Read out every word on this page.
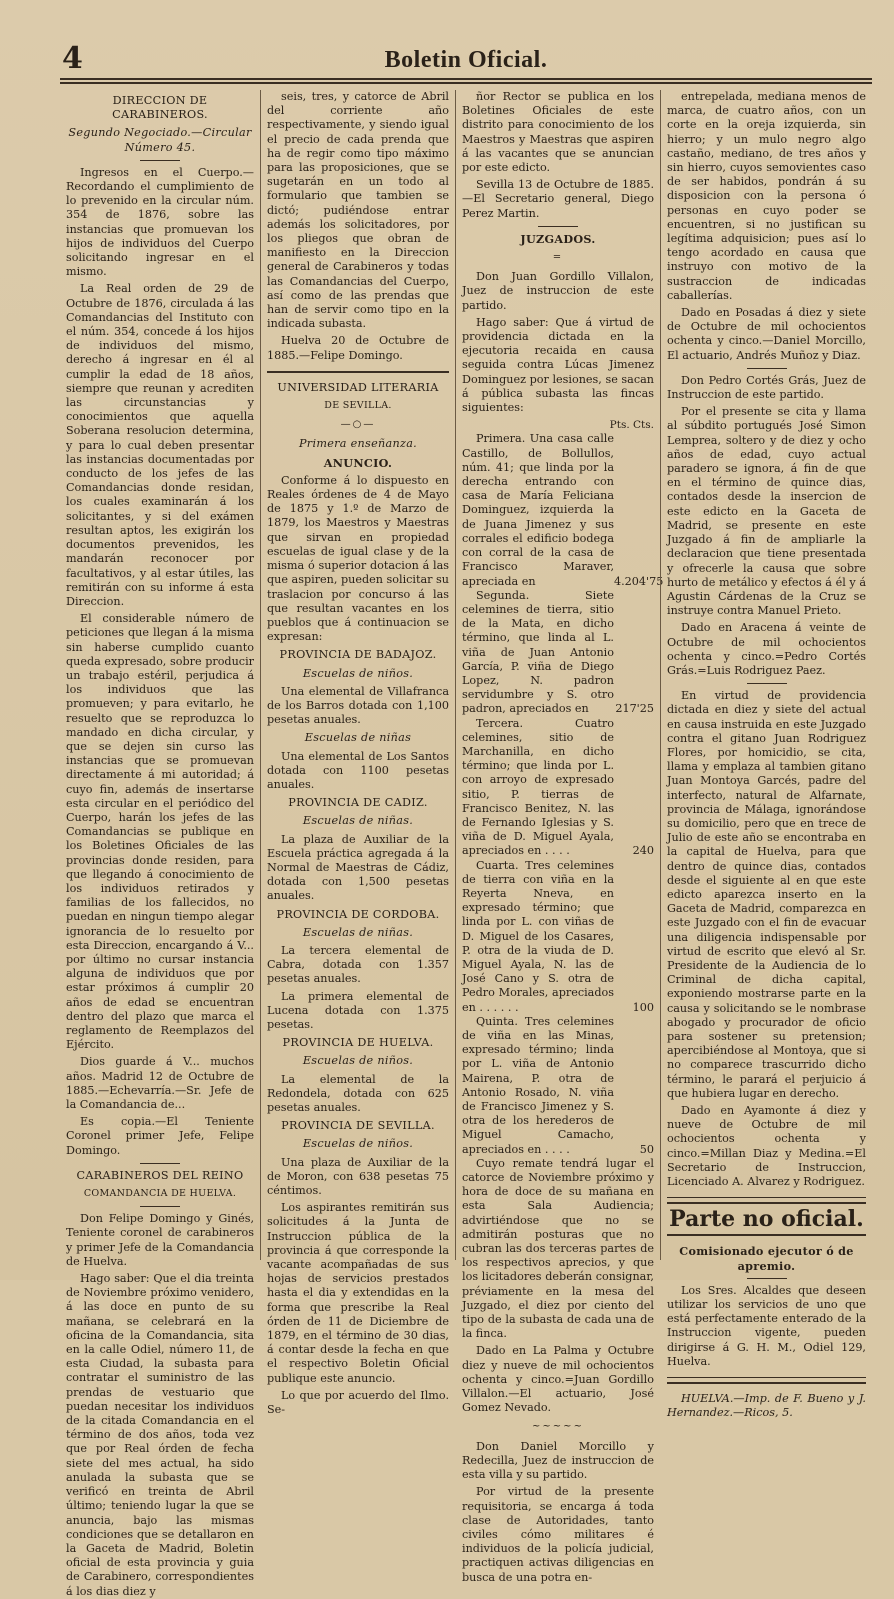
4	Boletin Oficial.
DIRECCION DE CARABINEROS.
Segundo Negociado.—Circular Número 45.

Ingresos en el Cuerpo.—Recordando el cumplimiento de lo prevenido en la circular núm. 354 de 1876, sobre las instancias que promuevan los hijos de individuos del Cuerpo solicitando ingresar en el mismo.

La Real orden de 29 de Octubre de 1876, circulada á las Comandancias del Instituto con el núm. 354, concede á los hijos de individuos del mismo, derecho á ingresar en él al cumplir la edad de 18 años, siempre que reunan y acrediten las circunstancias y conocimientos que aquella Soberana resolucion determina, y para lo cual deben presentar las instancias documentadas por conducto de los jefes de las Comandancias donde residan, los cuales examinarán á los solicitantes, y si del exámen resultan aptos, les exigirán los documentos prevenidos, les mandarán reconocer por facultativos, y al estar útiles, las remitirán con su informe á esta Direccion.

El considerable número de peticiones que llegan á la misma sin haberse cumplido cuanto queda expresado, sobre producir un trabajo estéril, perjudica á los individuos que las promueven; y para evitarlo, he resuelto que se reproduzca lo mandado en dicha circular, y que se dejen sin curso las instancias que se promuevan directamente á mi autoridad; á cuyo fin, además de insertarse esta circular en el periódico del Cuerpo, harán los jefes de las Comandancias se publique en los Boletines Oficiales de las provincias donde residen, para que llegando á conocimiento de los individuos retirados y familias de los fallecidos, no puedan en ningun tiempo alegar ignorancia de lo resuelto por esta Direccion, encargando á V... por último no cursar instancia alguna de individuos que por estar próximos á cumplir 20 años de edad se encuentran dentro del plazo que marca el reglamento de Reemplazos del Ejército.

Dios guarde á V... muchos años. Madrid 12 de Octubre de 1885.—Echevarría.—Sr. Jefe de la Comandancia de...

Es copia.—El Teniente Coronel primer Jefe, Felipe Domingo.

CARABINEROS DEL REINO
COMANDANCIA DE HUELVA.

Don Felipe Domingo y Ginés, Teniente coronel de carabineros y primer Jefe de la Comandancia de Huelva.

Hago saber: Que el dia treinta de Noviembre próximo venidero, á las doce en punto de su mañana, se celebrará en la oficina de la Comandancia, sita en la calle Odiel, número 11, de esta Ciudad, la subasta para contratar el suministro de las prendas de vestuario que puedan necesitar los individuos de la citada Comandancia en el término de dos años, toda vez que por Real órden de fecha siete del mes actual, ha sido anulada la subasta que se verificó en treinta de Abril último; teniendo lugar la que se anuncia, bajo las mismas condiciones que se detallaron en la Gaceta de Madrid, Boletin oficial de esta provincia y guia de Carabinero, correspondientes á los dias diez y

seis, tres, y catorce de Abril del corriente año respectivamente, y siendo igual el precio de cada prenda que ha de regir como tipo máximo para las proposiciones, que se sugetarán en un todo al formulario que tambien se dictó; pudiéndose entrar además los solicitadores, por los pliegos que obran de manifiesto en la Direccion general de Carabineros y todas las Comandancias del Cuerpo, así como de las prendas que han de servir como tipo en la indicada subasta.

Huelva 20 de Octubre de 1885.—Felipe Domingo.

UNIVERSIDAD LITERARIA
DE SEVILLA.
—○—
Primera enseñanza.
ANUNCIO.

Conforme á lo dispuesto en Reales órdenes de 4 de Mayo de 1875 y 1.º de Marzo de 1879, los Maestros y Maestras que sirvan en propiedad escuelas de igual clase y de la misma ó superior dotacion á las que aspiren, pueden solicitar su traslacion por concurso á las que resultan vacantes en los pueblos que á continuacion se expresan:

PROVINCIA DE BADAJOZ.
Escuelas de niños.

Una elemental de Villafranca de los Barros dotada con 1,100 pesetas anuales.

Escuelas de niñas

Una elemental de Los Santos dotada con 1100 pesetas anuales.

PROVINCIA DE CADIZ.
Escuelas de niñas.

La plaza de Auxiliar de la Escuela práctica agregada á la Normal de Maestras de Cádiz, dotada con 1,500 pesetas anuales.

PROVINCIA DE CORDOBA.
Escuelas de niñas.

La tercera elemental de Cabra, dotada con 1.357 pesetas anuales.

La primera elemental de Lucena dotada con 1.375 pesetas.

PROVINCIA DE HUELVA.
Escuelas de niños.

La elemental de la Redondela, dotada con 625 pesetas anuales.

PROVINCIA DE SEVILLA.
Escuelas de niños.

Una plaza de Auxiliar de la de Moron, con 638 pesetas 75 céntimos.

Los aspirantes remitirán sus solicitudes á la Junta de Instruccion pública de la provincia á que corresponde la vacante acompañadas de sus hojas de servicios prestados hasta el dia y extendidas en la forma que prescribe la Real órden de 11 de Diciembre de 1879, en el término de 30 dias, á contar desde la fecha en que el respectivo Boletin Oficial publique este anuncio.

Lo que por acuerdo del Ilmo. Se-

ñor Rector se publica en los Boletines Oficiales de este distrito para conocimiento de los Maestros y Maestras que aspiren á las vacantes que se anuncian por este edicto.

Sevilla 13 de Octubre de 1885.—El Secretario general, Diego Perez Martin.

JUZGADOS.
=

Don Juan Gordillo Villalon, Juez de instruccion de este partido.

Hago saber: Que á virtud de providencia dictada en la ejecutoria recaida en causa seguida contra Lúcas Jimenez Dominguez por lesiones, se sacan á pública subasta las fincas siguientes:

Pts. Cts.
Primera. Una casa calle Castillo, de Bollullos, núm. 41; que linda por la derecha entrando con casa de María Feliciana Dominguez, izquierda la de Juana Jimenez y sus corrales el edificio bodega con corral de la casa de Francisco Maraver, apreciada en	4.204'75
Segunda. Siete celemines de tierra, sitio de la Mata, en dicho término, que linda al L. viña de Juan Antonio García, P. viña de Diego Lopez, N. padron servidumbre y S. otro padron, apreciados en	217'25
Tercera. Cuatro celemines, sitio de Marchanilla, en dicho término; que linda por L. con arroyo de expresado sitio, P. tierras de Francisco Benitez, N. las de Fernando Iglesias y S. viña de D. Miguel Ayala, apreciados en . . . .	240
Cuarta. Tres celemines de tierra con viña en la Reyerta Nneva, en expresado término; que linda por L. con viñas de D. Miguel de los Casares, P. otra de la viuda de D. Miguel Ayala, N. las de José Cano y S. otra de Pedro Morales, apreciados en . . . . . .	100
Quinta. Tres celemines de viña en las Minas, expresado término; linda por L. viña de Antonio Mairena, P. otra de Antonio Rosado, N. viña de Francisco Jimenez y S. otra de los herederos de Miguel Camacho, apreciados en . . . .	50

Cuyo remate tendrá lugar el catorce de Noviembre próximo y hora de doce de su mañana en esta Sala Audiencia; advirtiéndose que no se admitirán posturas que no cubran las dos terceras partes de los respectivos aprecios, y que los licitadores deberán consignar, préviamente en la mesa del Juzgado, el diez por ciento del tipo de la subasta de cada una de la finca.

Dado en La Palma y Octubre diez y nueve de mil ochocientos ochenta y cinco.=Juan Gordillo Villalon.—El actuario, José Gomez Nevado.

~~~~~

Don Daniel Morcillo y Redecilla, Juez de instruccion de esta villa y su partido.

Por virtud de la presente requisitoria, se encarga á toda clase de Autoridades, tanto civiles cómo militares é individuos de la policía judicial, practiquen activas diligencias en busca de una potra en-

entrepelada, mediana menos de marca, de cuatro años, con un corte en la oreja izquierda, sin hierro; y un mulo negro algo castaño, mediano, de tres años y sin hierro, cuyos semovientes caso de ser habidos, pondrán á su disposicion con la persona ó personas en cuyo poder se encuentren, si no justifican su legítima adquisicion; pues así lo tengo acordado en causa que instruyo con motivo de la sustraccion de indicadas caballerías.

Dado en Posadas á diez y siete de Octubre de mil ochocientos ochenta y cinco.—Daniel Morcillo, El actuario, Andrés Muñoz y Diaz.

Don Pedro Cortés Grás, Juez de Instruccion de este partido.

Por el presente se cita y llama al súbdito portugués José Simon Lemprea, soltero y de diez y ocho años de edad, cuyo actual paradero se ignora, á fin de que en el término de quince dias, contados desde la insercion de este edicto en la Gaceta de Madrid, se presente en este Juzgado á fin de ampliarle la declaracion que tiene presentada y ofrecerle la causa que sobre hurto de metálico y efectos á él y á Agustin Cárdenas de la Cruz se instruye contra Manuel Prieto.

Dado en Aracena á veinte de Octubre de mil ochocientos ochenta y cinco.=Pedro Cortés Grás.=Luis Rodriguez Paez.

En virtud de providencia dictada en diez y siete del actual en causa instruida en este Juzgado contra el gitano Juan Rodriguez Flores, por homicidio, se cita, llama y emplaza al tambien gitano Juan Montoya Garcés, padre del interfecto, natural de Alfarnate, provincia de Málaga, ignorándose su domicilio, pero que en trece de Julio de este año se encontraba en la capital de Huelva, para que dentro de quince dias, contados desde el siguiente al en que este edicto aparezca inserto en la Gaceta de Madrid, comparezca en este Juzgado con el fin de evacuar una diligencia indispensable por virtud de escrito que elevó al Sr. Presidente de la Audiencia de lo Criminal de dicha capital, exponiendo mostrarse parte en la causa y solicitando se le nombrase abogado y procurador de oficio para sostener su pretension; apercibiéndose al Montoya, que si no comparece trascurrido dicho término, le parará el perjuicio á que hubiera lugar en derecho.

Dado en Ayamonte á diez y nueve de Octubre de mil ochocientos ochenta y cinco.=Millan Diaz y Medina.=El Secretario de Instruccion, Licenciado A. Alvarez y Rodriguez.

Parte no oficial.
Comisionado ejecutor ó de apremio.

Los Sres. Alcaldes que deseen utilizar los servicios de uno que está perfectamente enterado de la Instruccion vigente, pueden dirigirse á G. H. M., Odiel 129, Huelva.

HUELVA.—Imp. de F. Bueno y J. Hernandez.—Ricos, 5.
